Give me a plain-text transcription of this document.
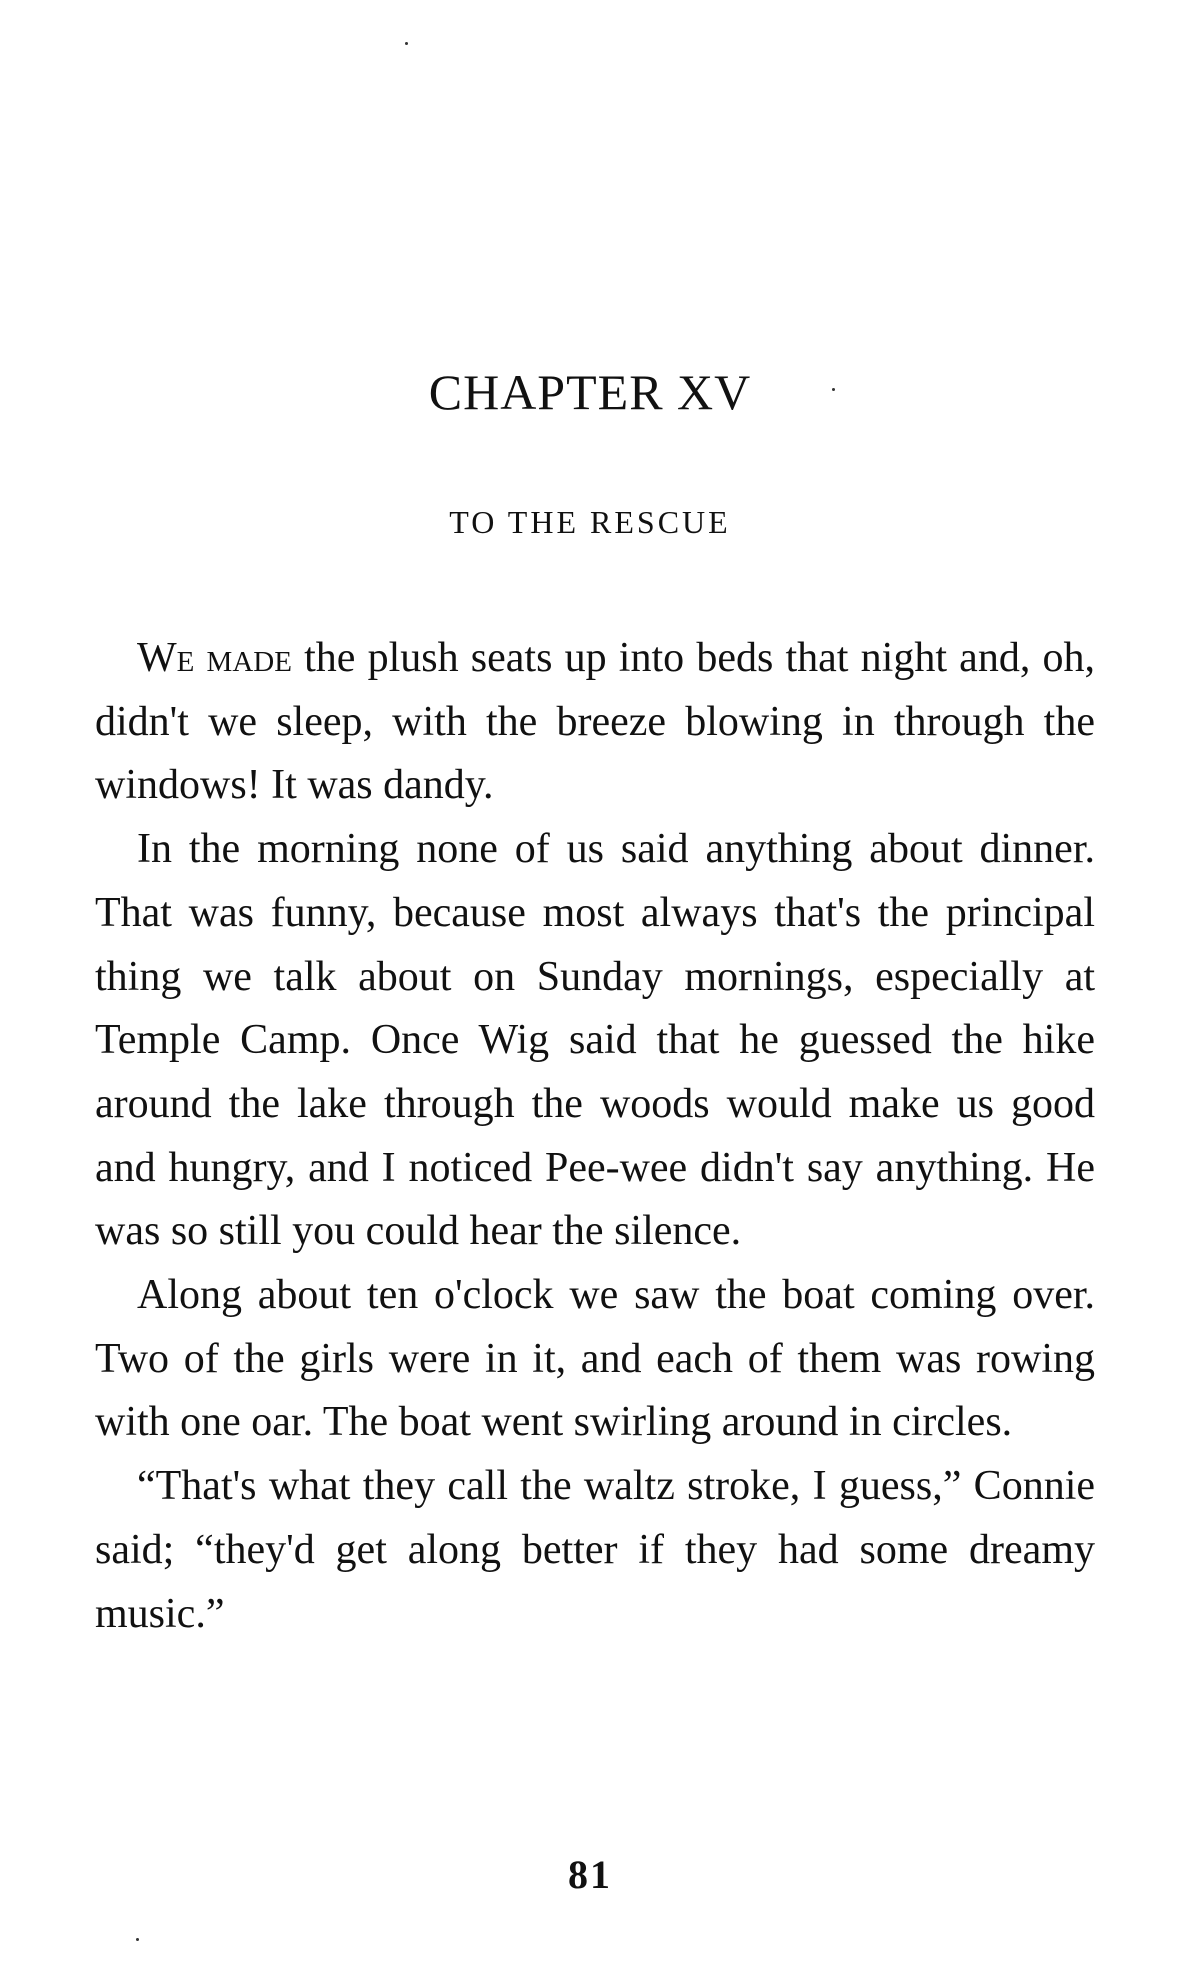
CHAPTER XV
TO THE RESCUE

We made the plush seats up into beds that night and, oh, didn't we sleep, with the breeze blowing in through the windows! It was dandy.

In the morning none of us said anything about dinner. That was funny, because most always that's the principal thing we talk about on Sunday mornings, especially at Temple Camp. Once Wig said that he guessed the hike around the lake through the woods would make us good and hungry, and I noticed Pee-wee didn't say anything. He was so still you could hear the silence.

Along about ten o'clock we saw the boat coming over. Two of the girls were in it, and each of them was rowing with one oar. The boat went swirling around in circles.

“That's what they call the waltz stroke, I guess,” Connie said; “they'd get along better if they had some dreamy music.”

81
